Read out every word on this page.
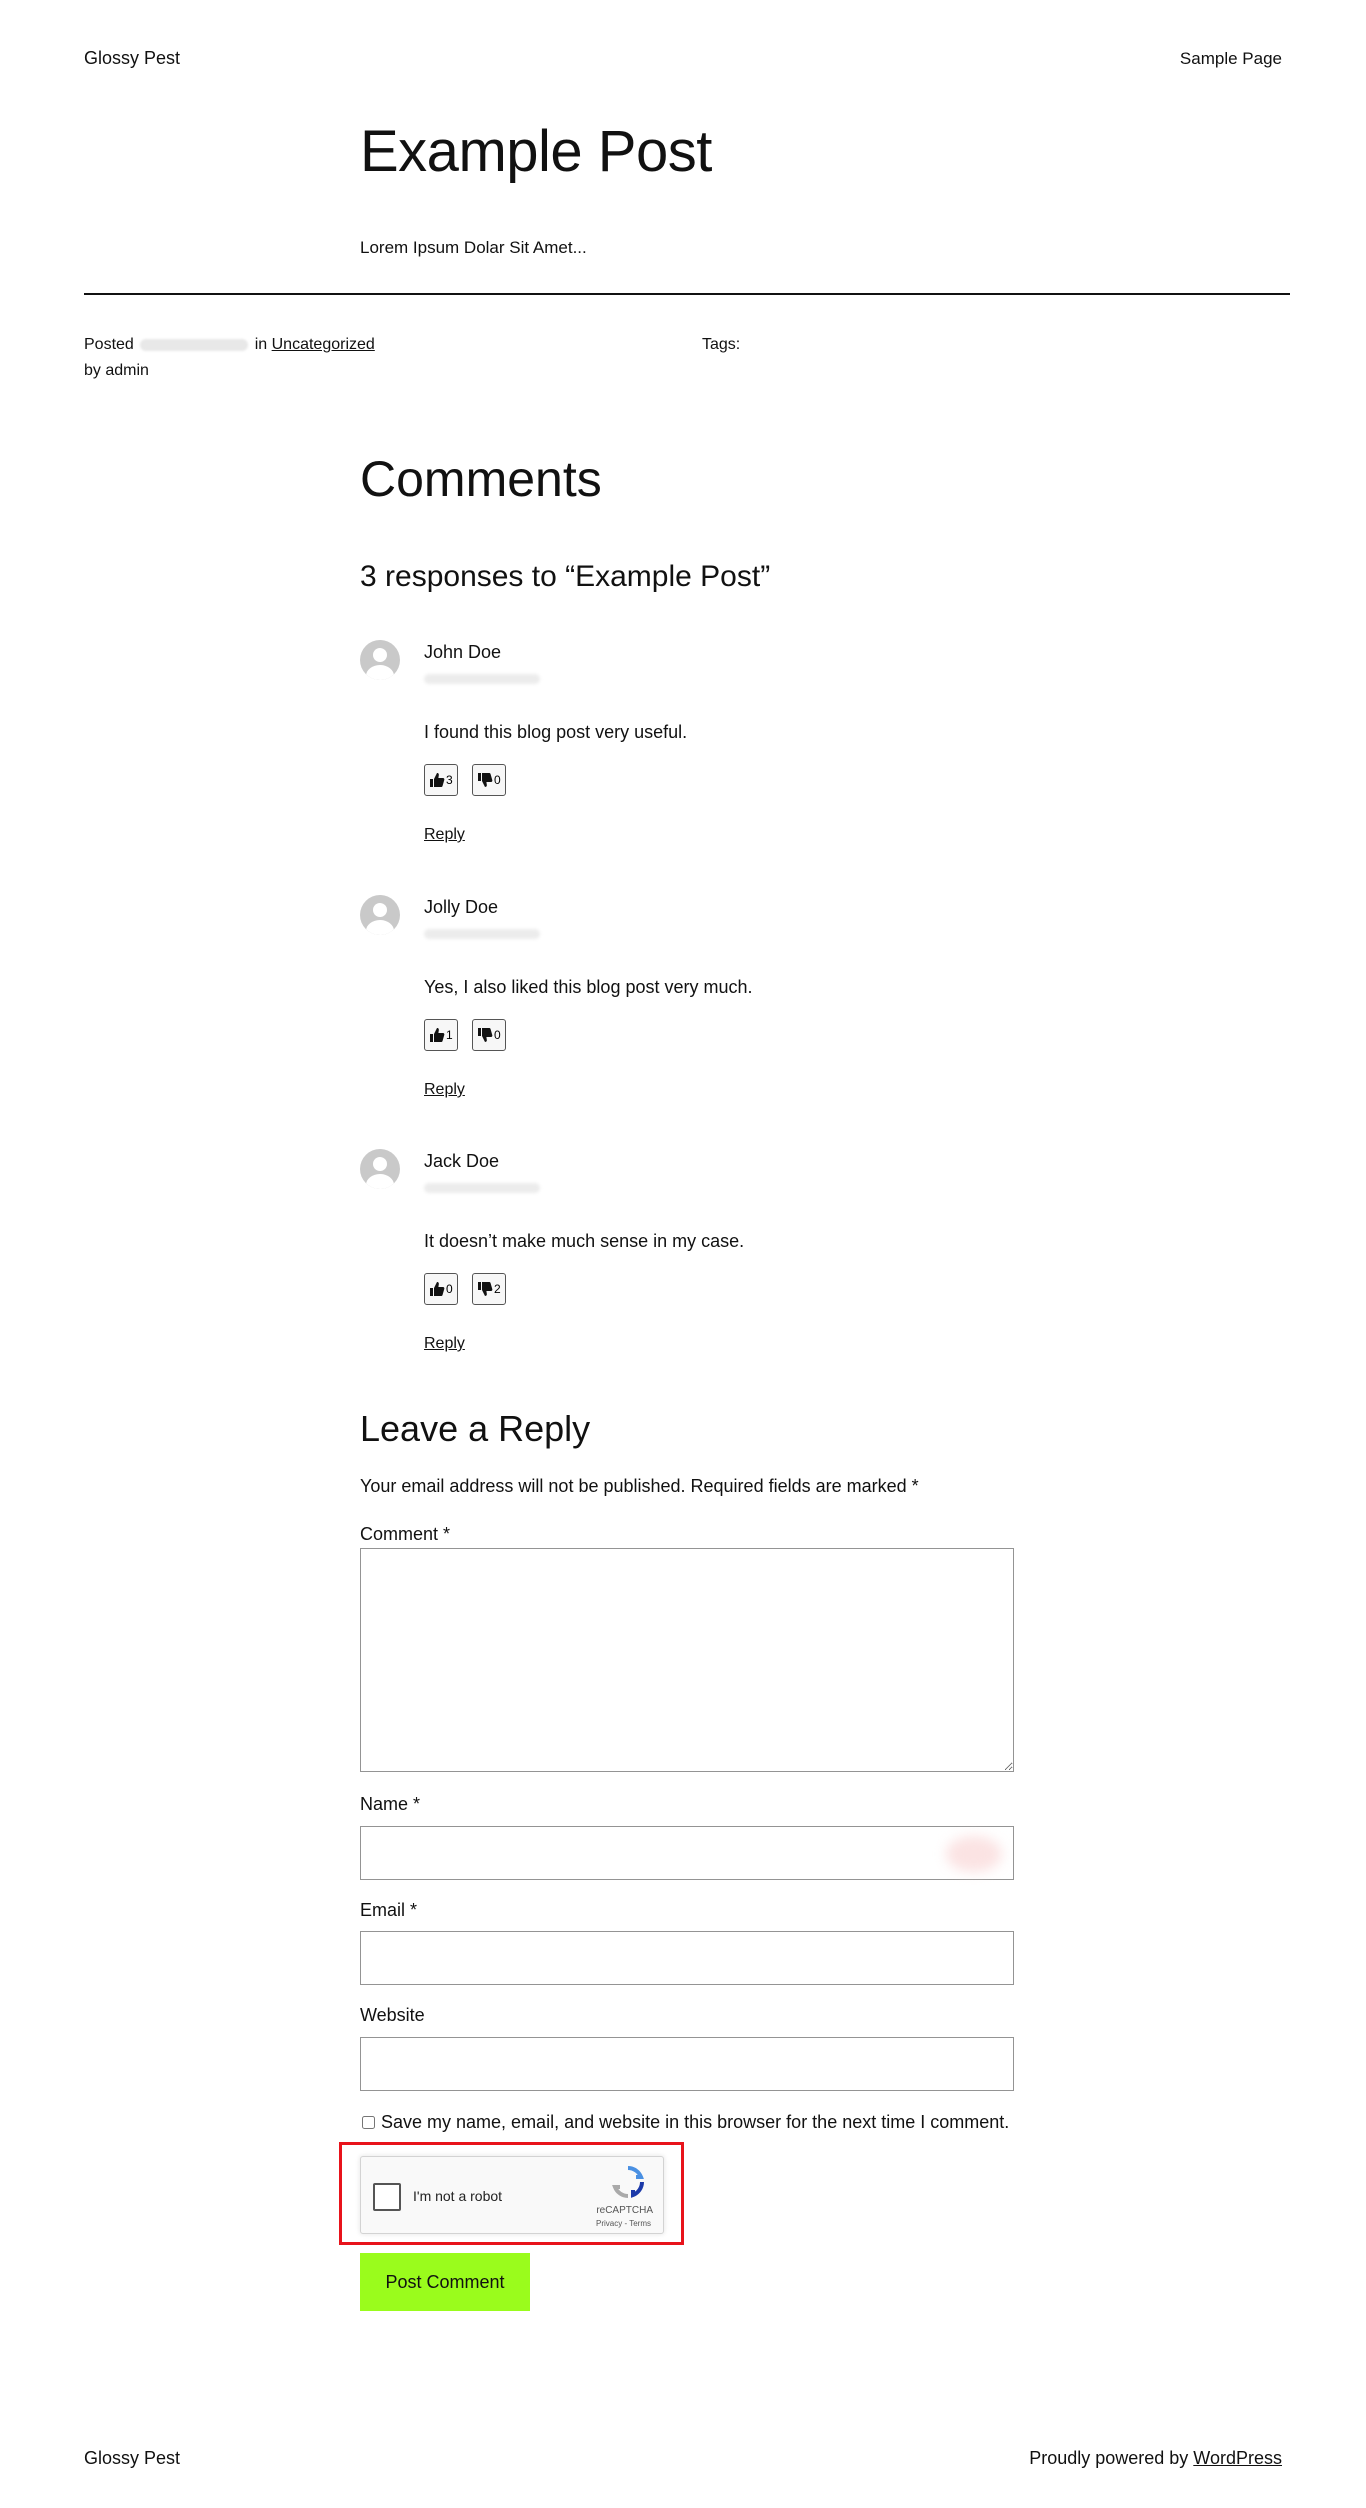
Glossy Pest	Sample Page
Example Post

Lorem Ipsum Dolar Sit Amet...

Posted	in Uncategorized
by admin
Tags:
Comments
3 responses to “Example Post”
John Doe
I found this blog post very useful.
3	0
Reply
Jolly Doe
Yes, I also liked this blog post very much.
1	0
Reply
Jack Doe
It doesn’t make much sense in my case.
0	2
Reply
Leave a Reply

Your email address will not be published. Required fields are marked *

Comment *
Name *
Email *
Website
Save my name, email, and website in this browser for the next time I comment.
I'm not a robot
reCAPTCHA
Privacy - Terms
Post Comment
Glossy Pest	Proudly powered by WordPress
